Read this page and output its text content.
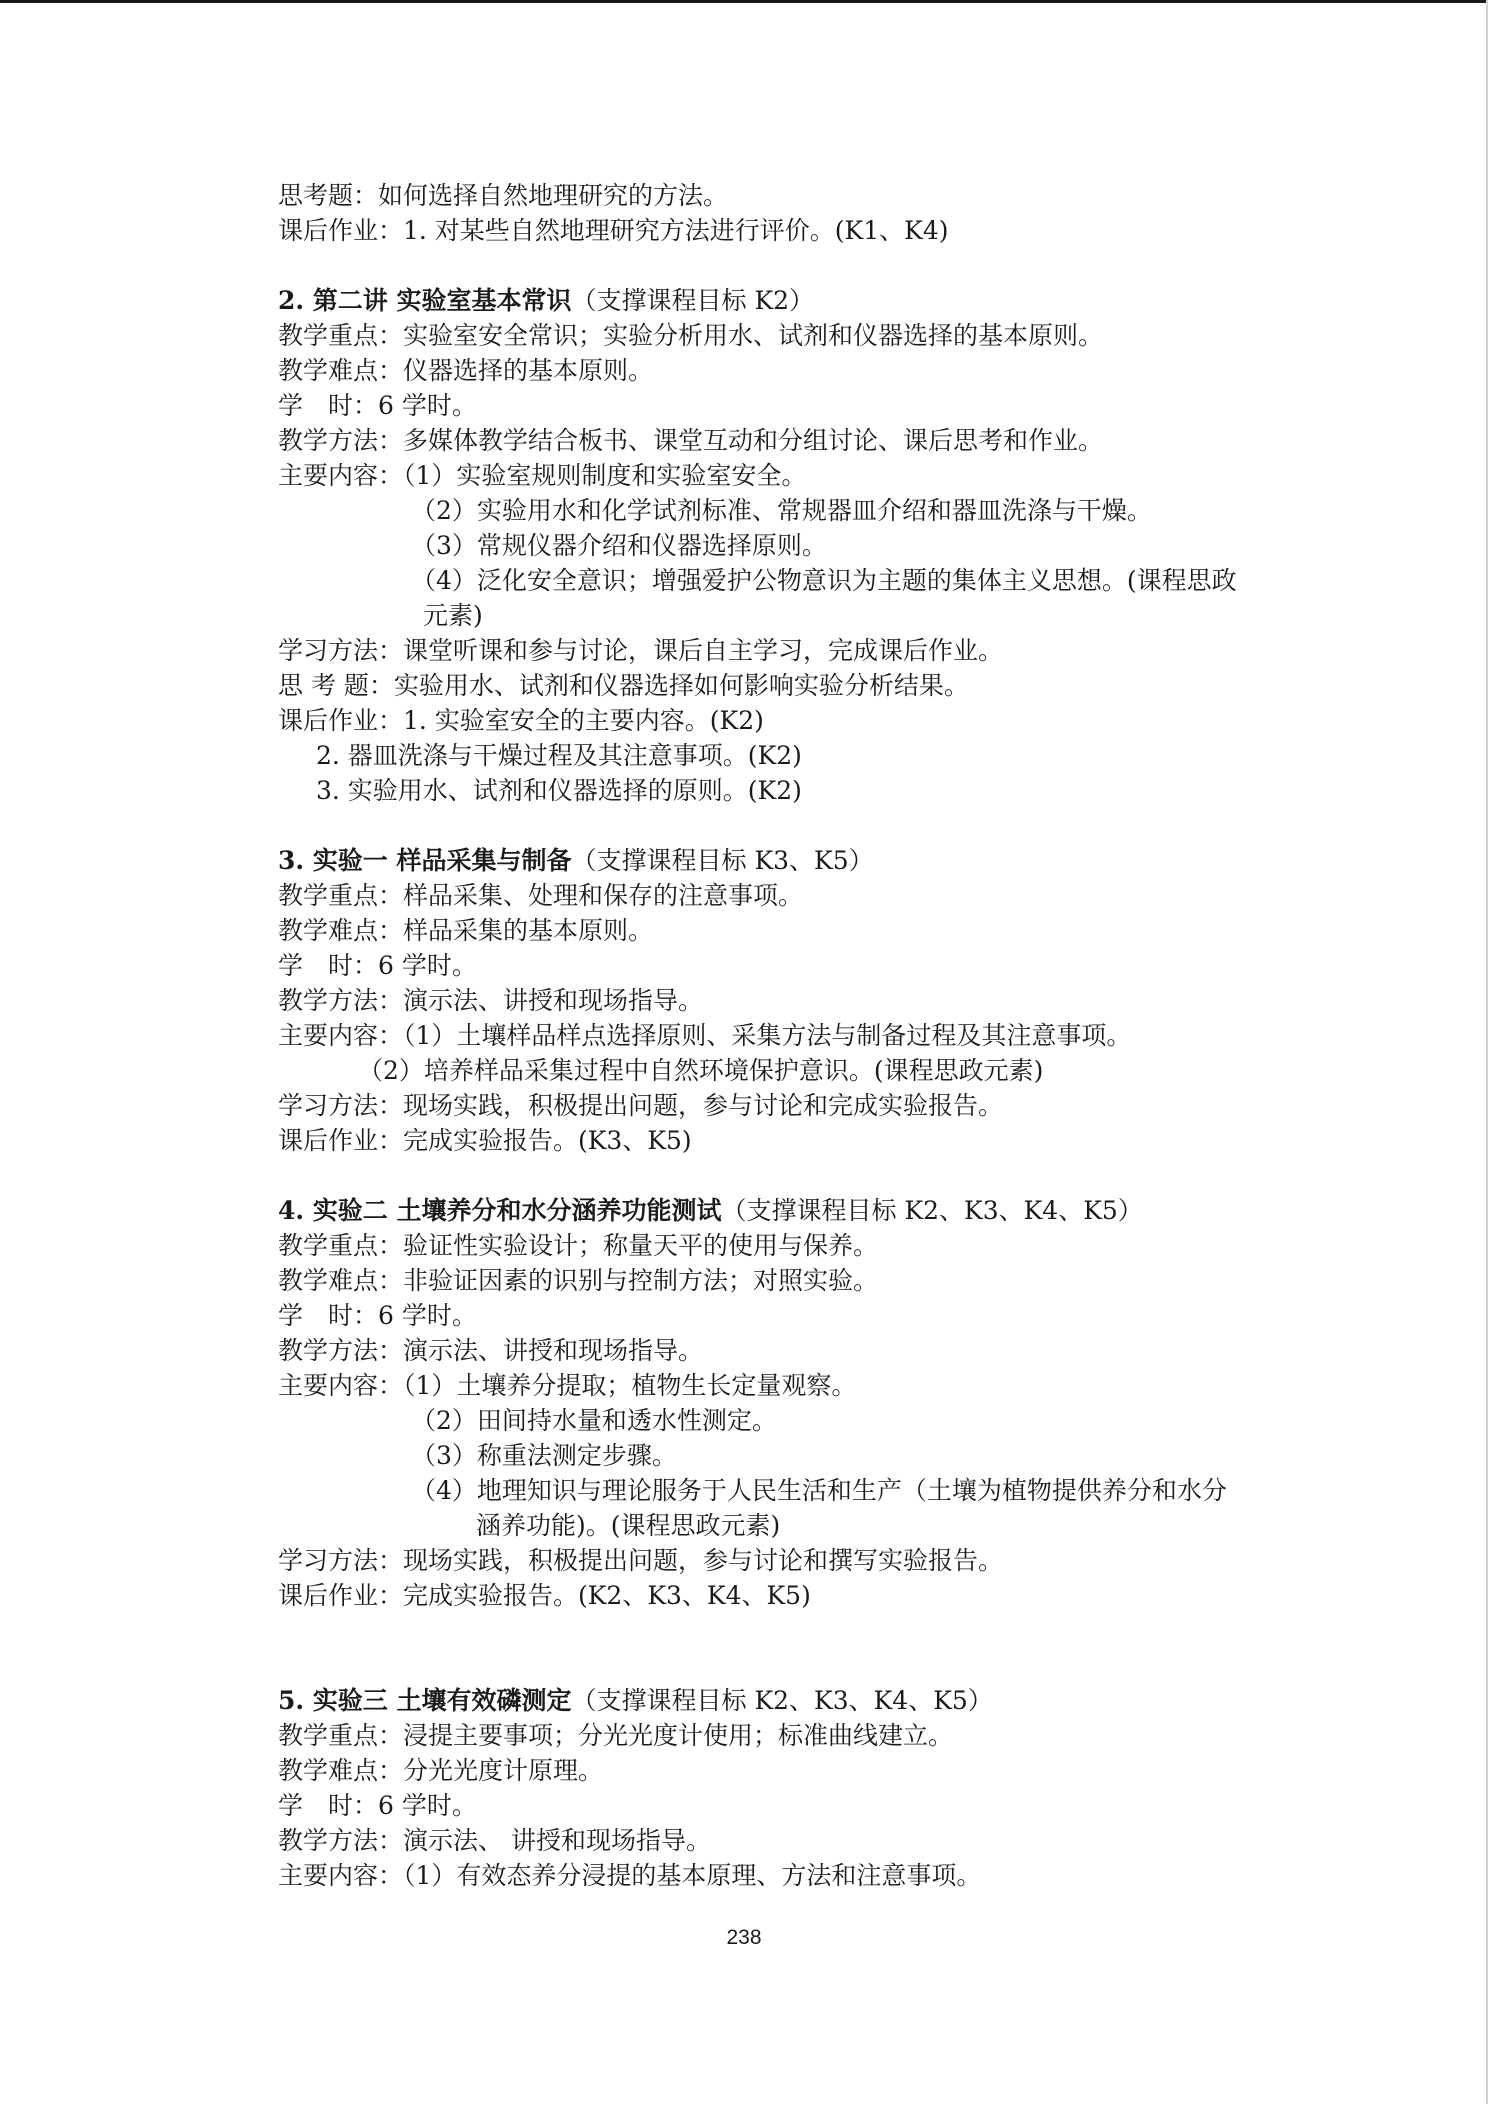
思考题：如何选择自然地理研究的方法。
课后作业：1. 对某些自然地理研究方法进行评价。(K1、K4)
2. 第二讲 实验室基本常识（支撑课程目标 K2）
教学重点：实验室安全常识；实验分析用水、试剂和仪器选择的基本原则。
教学难点：仪器选择的基本原则。
学　时：6 学时。
教学方法：多媒体教学结合板书、课堂互动和分组讨论、课后思考和作业。
主要内容：（1）实验室规则制度和实验室安全。
（2）实验用水和化学试剂标准、常规器皿介绍和器皿洗涤与干燥。
（3）常规仪器介绍和仪器选择原则。
（4）泛化安全意识；增强爱护公物意识为主题的集体主义思想。(课程思政
元素)
学习方法：课堂听课和参与讨论，课后自主学习，完成课后作业。
思 考 题：实验用水、试剂和仪器选择如何影响实验分析结果。
课后作业：1. 实验室安全的主要内容。(K2)
2. 器皿洗涤与干燥过程及其注意事项。(K2)
3. 实验用水、试剂和仪器选择的原则。(K2)
3. 实验一 样品采集与制备（支撑课程目标 K3、K5）
教学重点：样品采集、处理和保存的注意事项。
教学难点：样品采集的基本原则。
学　时：6 学时。
教学方法：演示法、讲授和现场指导。
主要内容：（1）土壤样品样点选择原则、采集方法与制备过程及其注意事项。
（2）培养样品采集过程中自然环境保护意识。(课程思政元素)
学习方法：现场实践，积极提出问题，参与讨论和完成实验报告。
课后作业：完成实验报告。(K3、K5)
4. 实验二 土壤养分和水分涵养功能测试（支撑课程目标 K2、K3、K4、K5）
教学重点：验证性实验设计；称量天平的使用与保养。
教学难点：非验证因素的识别与控制方法；对照实验。
学　时：6 学时。
教学方法：演示法、讲授和现场指导。
主要内容：（1）土壤养分提取；植物生长定量观察。
（2）田间持水量和透水性测定。
（3）称重法测定步骤。
（4）地理知识与理论服务于人民生活和生产（土壤为植物提供养分和水分
涵养功能)。(课程思政元素)
学习方法：现场实践，积极提出问题，参与讨论和撰写实验报告。
课后作业：完成实验报告。(K2、K3、K4、K5)
5. 实验三 土壤有效磷测定（支撑课程目标 K2、K3、K4、K5）
教学重点：浸提主要事项；分光光度计使用；标准曲线建立。
教学难点：分光光度计原理。
学　时：6 学时。
教学方法：演示法、 讲授和现场指导。
主要内容：（1）有效态养分浸提的基本原理、方法和注意事项。
238
